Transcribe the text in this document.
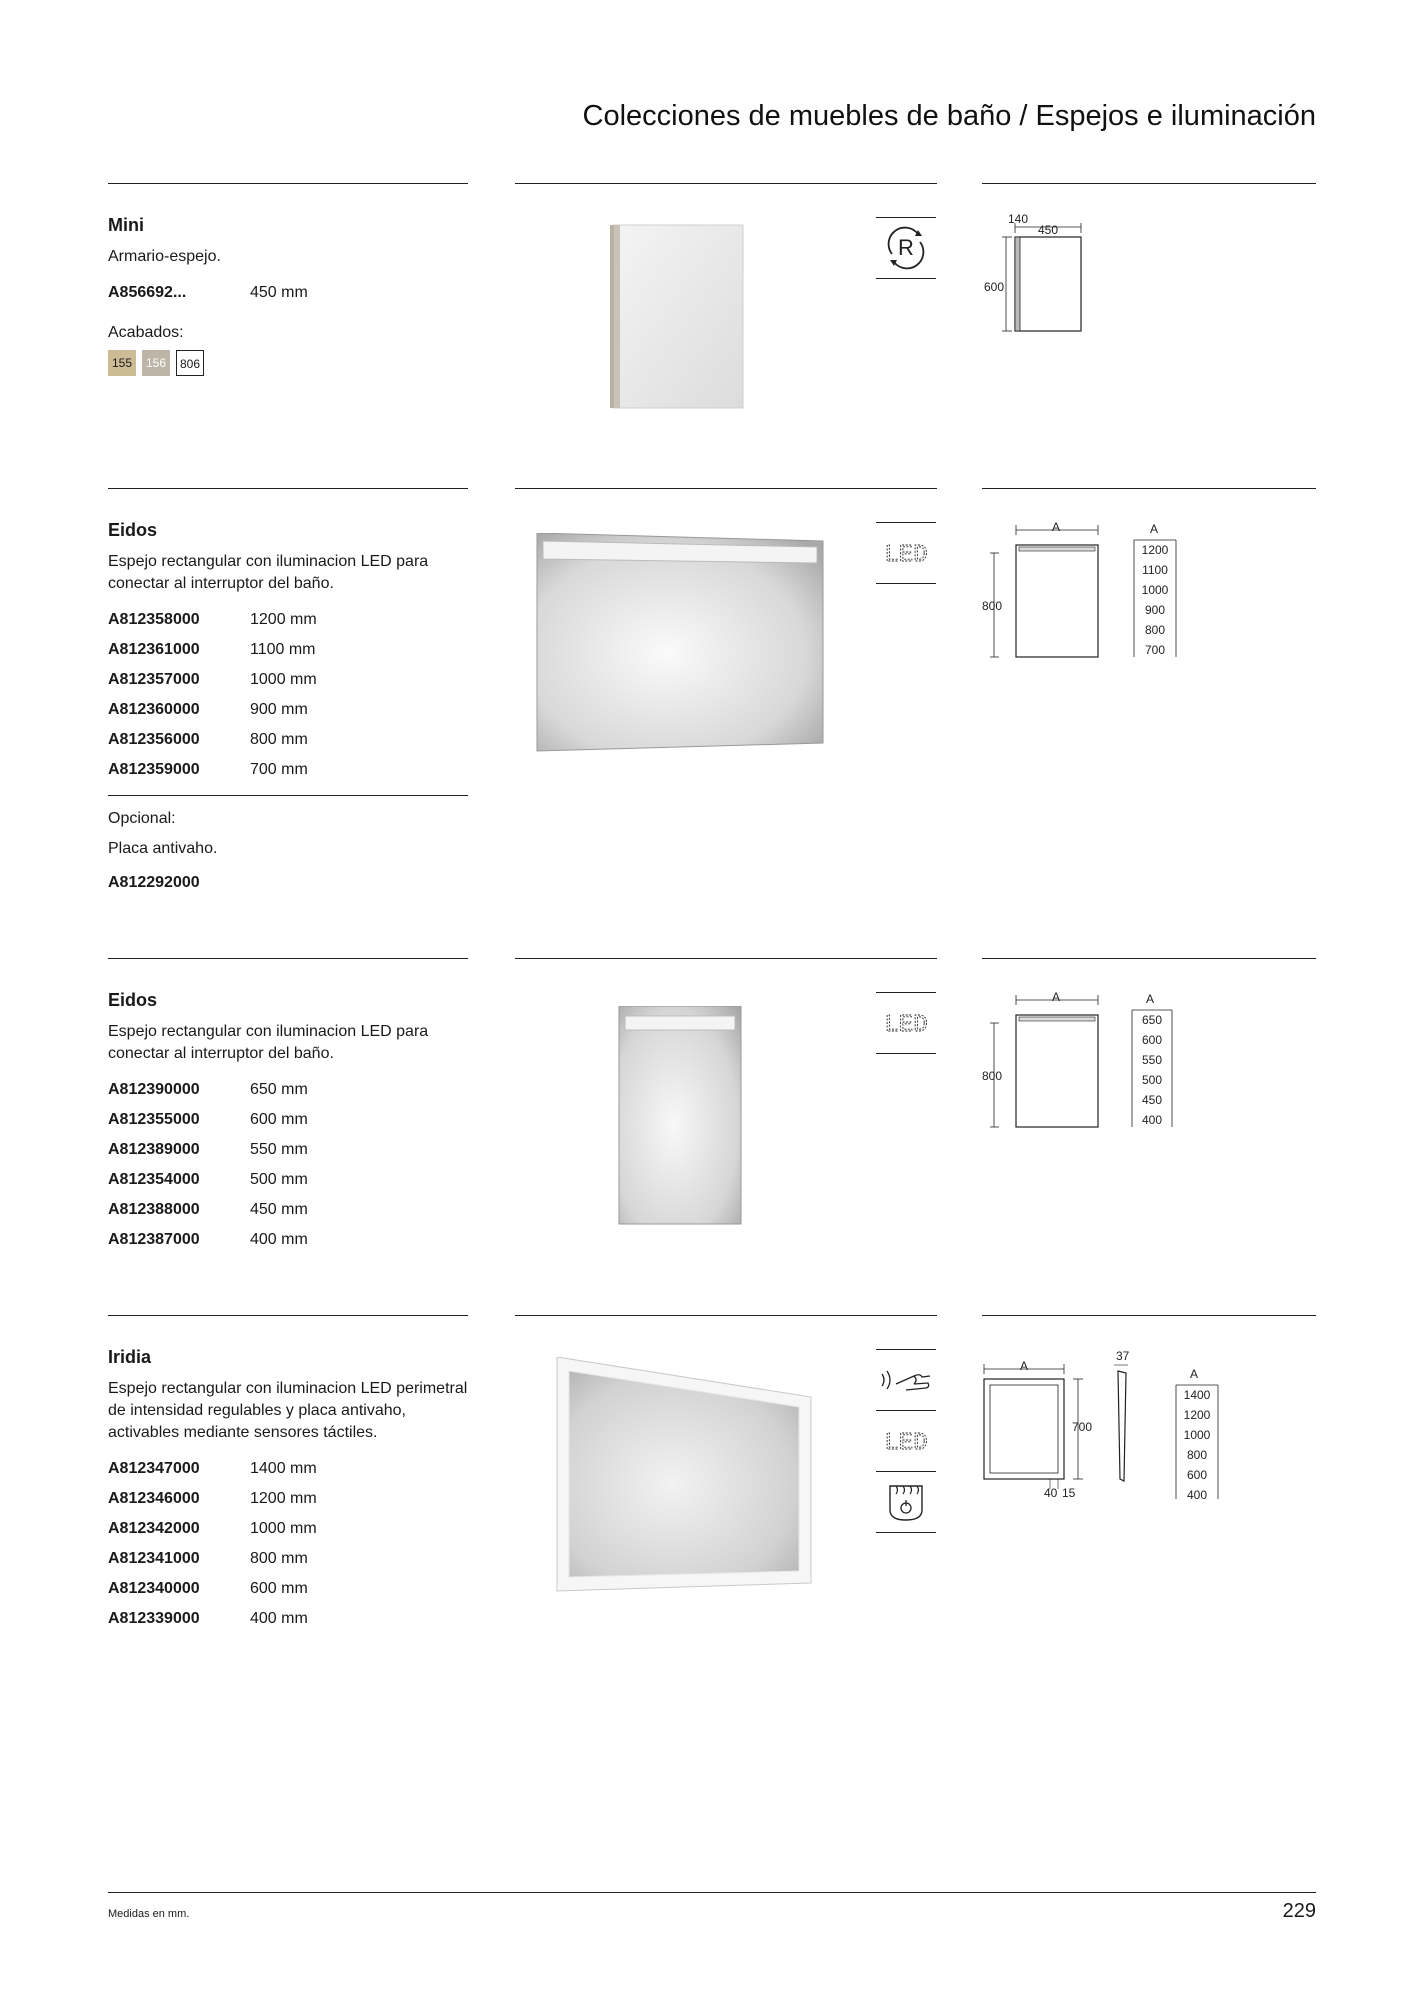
Colecciones de muebles de baño / Espejos e iluminación
Mini
Armario-espejo.
A856692...	450 mm
Acabados:
155	156	806
R
600
450
140
Eidos
Espejo rectangular con iluminacion LED para conectar al interruptor del baño.
A812358000	1200 mm
A812361000	1100 mm
A812357000	1000 mm
A812360000	900 mm
A812356000	800 mm
A812359000	700 mm
Opcional:
Placa antivaho.
A812292000
LED
A
800
A
1200
1100
1000
900
800
700
Eidos
Espejo rectangular con iluminacion LED para conectar al interruptor del baño.
A812390000	650 mm
A812355000	600 mm
A812389000	550 mm
A812354000	500 mm
A812388000	450 mm
A812387000	400 mm
LED
A
800
A
650
600
550
500
450
400
Iridia
Espejo rectangular con iluminacion LED perimetral de intensidad regulables y placa antivaho, activables mediante sensores táctiles.
A812347000	1400 mm
A812346000	1200 mm
A812342000	1000 mm
A812341000	800 mm
A812340000	600 mm
A812339000	400 mm
LED
A
700
40 15
37
A
1400
1200
1000
800
600
400
Medidas en mm.	229
